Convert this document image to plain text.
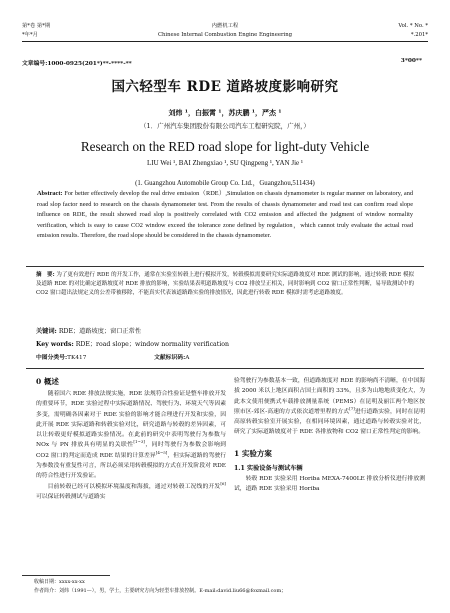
第*卷 第*期	内燃机工程	Vol. * No. *
*年*月	Chinese Internal Combustion Engine Engineering	*.201*
文章编号:1000-0925(201*)**-****-**	3*00**
国六轻型车 RDE 道路坡度影响研究
刘炜 ¹，白振霄 ¹，苏庆鹏 ¹，严杰 ¹
（1．广州汽车集团股份有限公司汽车工程研究院，广州，）
Research on the RED road slope for light-duty Vehicle
LIU Wei ¹, BAI Zhengxiao ¹, SU Qingpeng ¹, YAN Jie ¹
(1. Guangzhou Automobile Group Co. Ltd.，Guangzhou,511434)
Abstract: For better effectively develop the real drive emission（RDE）,Simulation on chassis dynamometer is regular manner on laboratory, and road slop factor need to research on the chassis dynamometer test. From the results of chassis dynamometer and road test can confirm road slope influence on RDE, the result showed road slop is positively correlated with CO2 emission and affected the judgment of window normality verification, which is easy to cause CO2 window exceed the tolerance zone defined by regulation，which cannot truly evaluate the actual road emission results. Therefore, the road slope should be considered in the chassis dynamometer.
摘　要: 为了更有效进行 RDE 的开发工作，通常在实验室转毂上进行模拟开发，转毂模拟需要研究实际道路坡度对 RDE 测试的影响，通过转毂 RDE 模拟及道路 RDE 的对比确定道路坡度对 RDE 排放的影响，实验结果表明道路坡度与 CO2 排放呈正相关，同时影响到 CO2 窗口正常性判断，易导致测试中的 CO2 窗口超出法规定义的公差带被移除，不能真实代表该道路路实验的排放情况，因此进行转毂 RDE 模拟时需考虑道路坡度。
关键词: RDE；道路坡度；窗口正常性
Key words: RDE；road slope；window normality verification
中图分类号:TK417	文献标识码:A
0 概述

随着国六 RDE 排放法规实施，RDE 法规符合性验证是整车排放开发的重要环节，RDE 实验过程中实际道路情况、驾驶行为、环境天气等因素多变，需明确各因素对于 RDE 实验的影响才能合理进行开发和实验，因此开展 RDE 实际道路和转毂实验对比，研究道路与转毂的差异因素，可以让转毂更好模拟道路实验情况。在此前的研究中表明驾驶行为参数与 NOx 与 PN 排放具有明显的关联性[1~3]，同时驾驶行为参数会影响到 CO2 窗口的判定而造成 RDE 结果的计算差异[4~5]，但实际道路的驾驶行为参数没有重复性可言，所以必须采用转毂模拟的方式在开发阶段对 RDE 的符合性进行开发验证。

目前转毂已经可以模拟环境温度和海拔，通过对转毂工况线的开发[6]可以保证转毂测试与道路实

验驾驶行为参数基本一致，但道路坡度对 RDE 的影响尚不清晰，在中国海拔 2000 米以上地区面积占国土面积的 33%，且多为山地地质变化大，为此本文使用便携式车载排放测量系统（PEMS）在昆明及丽江两个地区按照市区-郊区-高速的方式依次道增里程的方式[7]进行道路实验，同时在昆明高原转毂实验室开展实验，在相同环境因素，通过道路与转毂实验对比，研究了实际道路坡度对于 RDE 各排放物和 CO2 窗口正常性判定的影响。

1 实验方案
1.1 实验设备与测试车辆

转毂 RDE 实验采用 Horiba MEXA-7400LE 排放分析仪进行排放测试，道路 RDE 实验采用 Horiba

收稿日期：xxxx-xx-xx
作者简介：刘炜（1991—），男，学士，主要研究方向为轻型车排放控制。E-mail:david.liu66@foxmail.com；
